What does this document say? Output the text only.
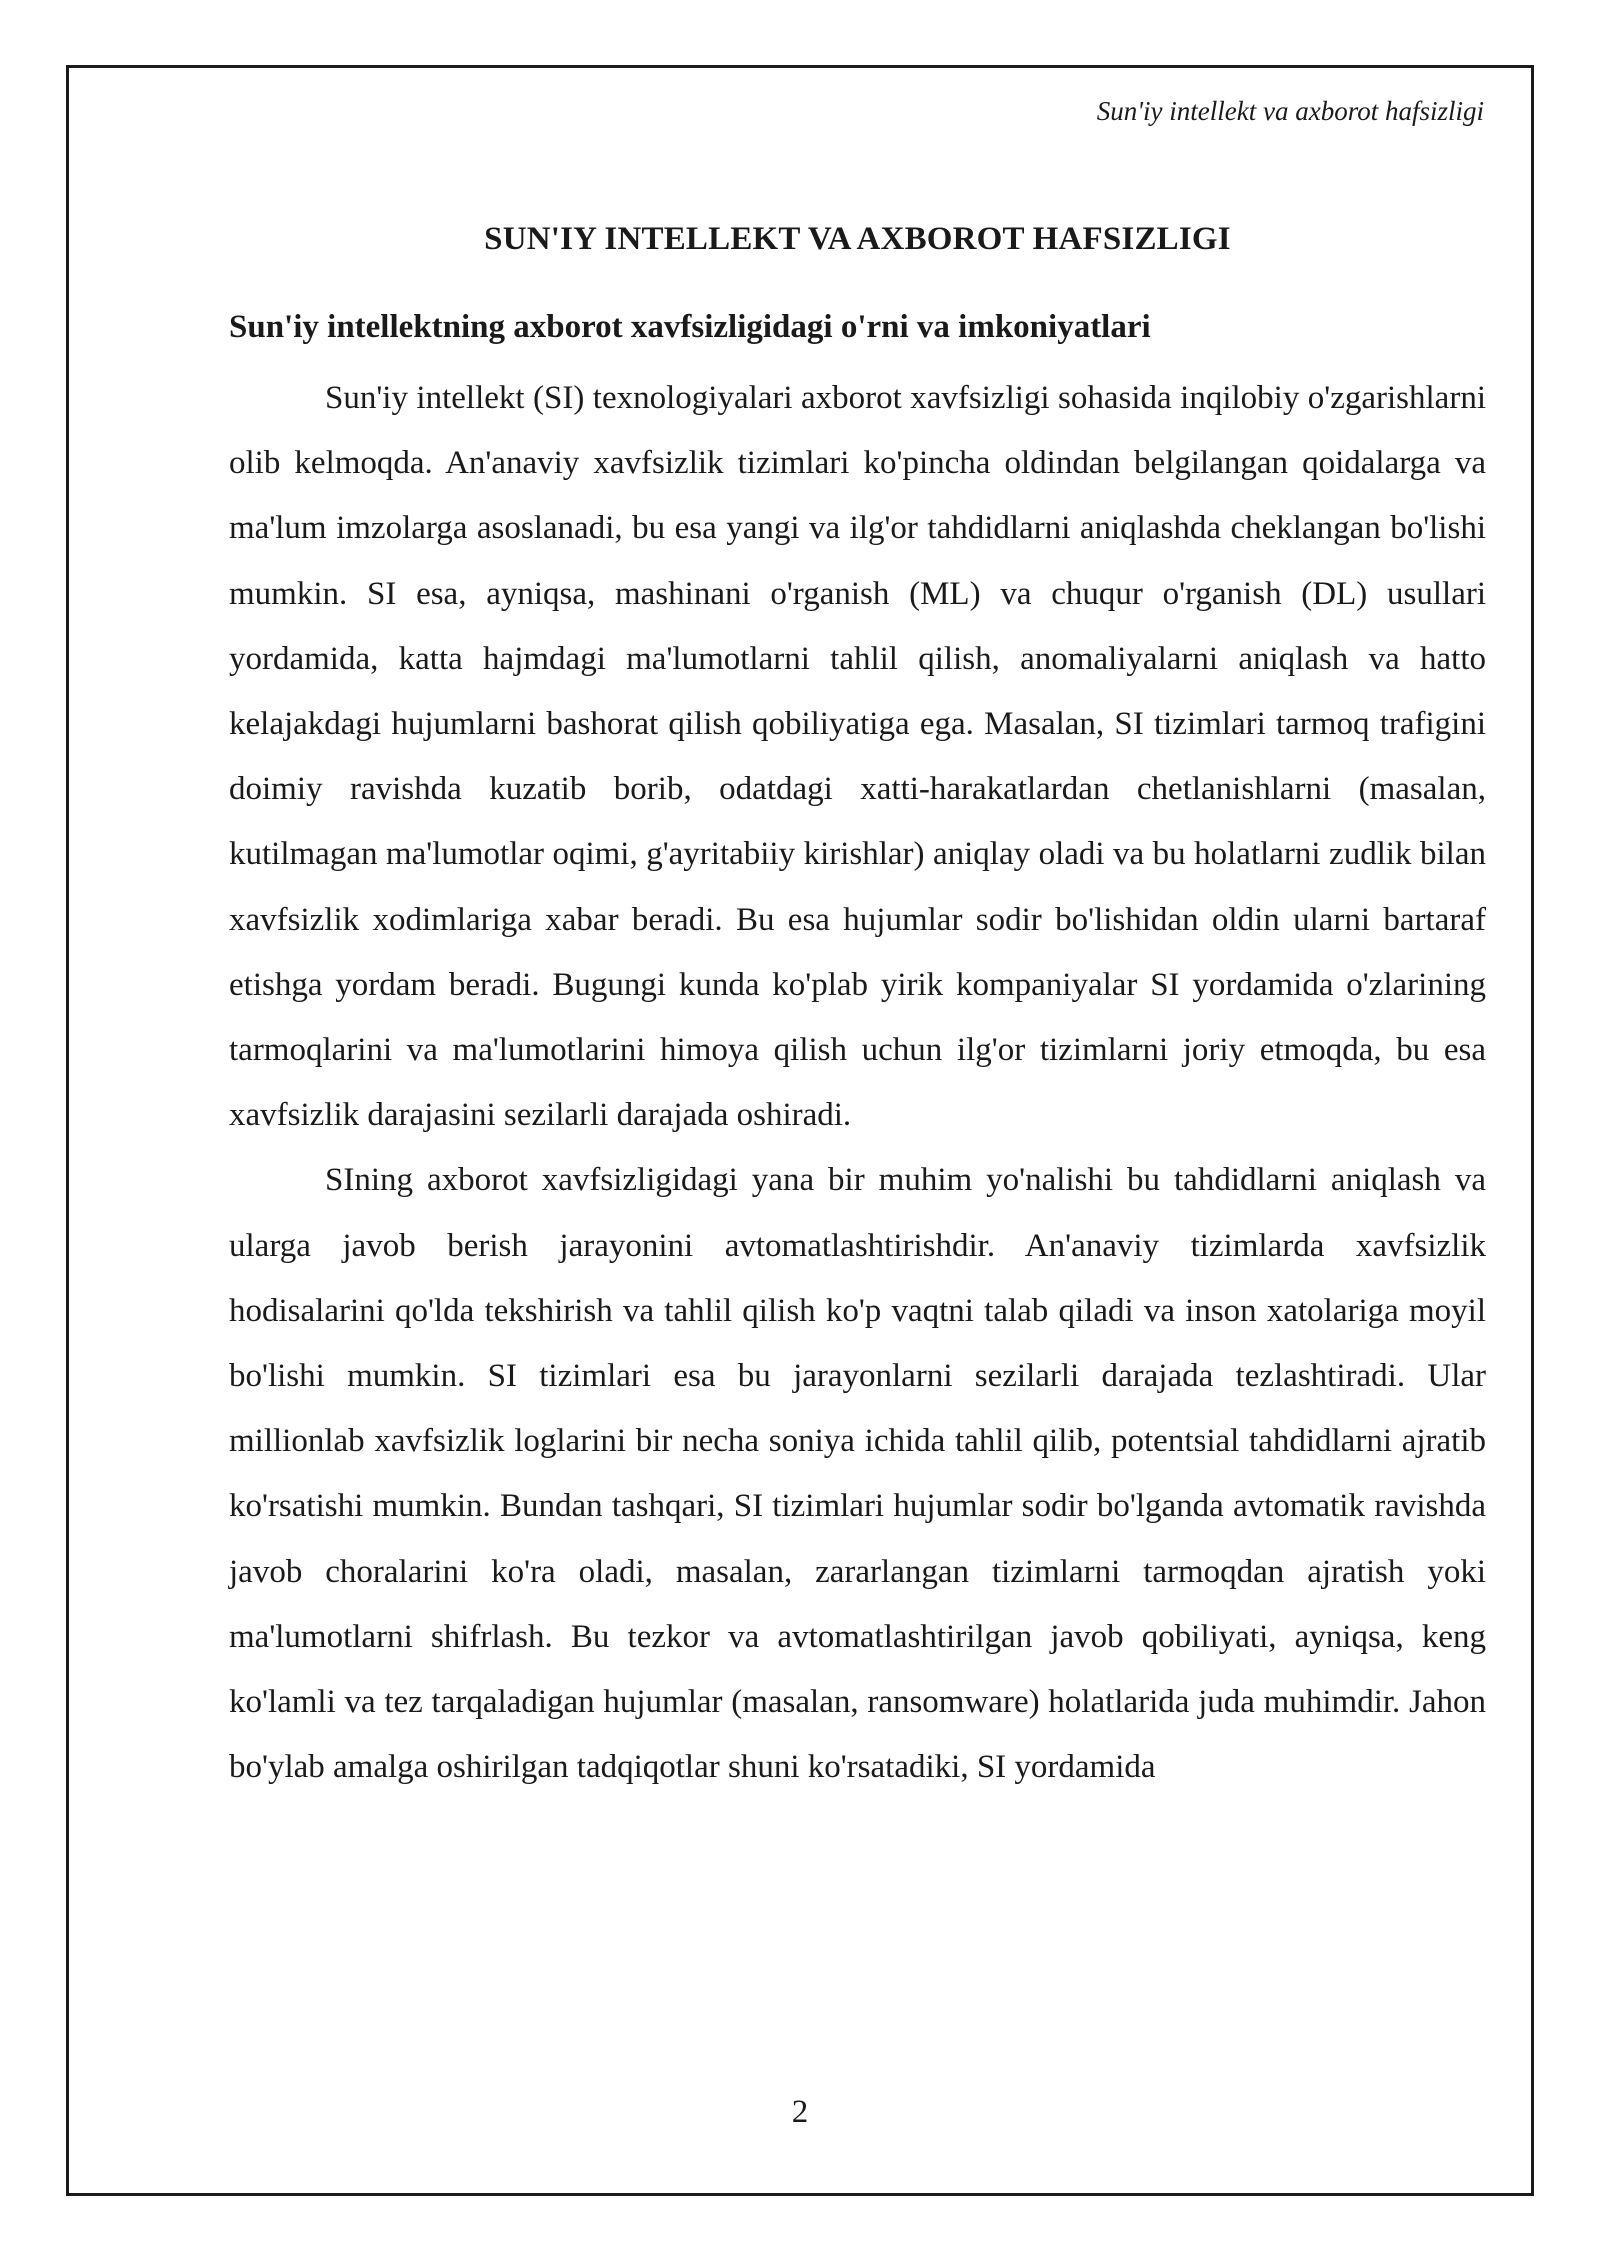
Sun'iy intellekt va axborot hafsizligi
SUN'IY INTELLEKT VA AXBOROT HAFSIZLIGI
Sun'iy intellektning axborot xavfsizligidagi o'rni va imkoniyatlari

Sun'iy intellekt (SI) texnologiyalari axborot xavfsizligi sohasida inqilobiy o'zgarishlarni olib kelmoqda. An'anaviy xavfsizlik tizimlari ko'pincha oldindan belgilangan qoidalarga va ma'lum imzolarga asoslanadi, bu esa yangi va ilg'or tahdidlarni aniqlashda cheklangan bo'lishi mumkin. SI esa, ayniqsa, mashinani o'rganish (ML) va chuqur o'rganish (DL) usullari yordamida, katta hajmdagi ma'lumotlarni tahlil qilish, anomaliyalarni aniqlash va hatto kelajakdagi hujumlarni bashorat qilish qobiliyatiga ega. Masalan, SI tizimlari tarmoq trafigini doimiy ravishda kuzatib borib, odatdagi xatti-harakatlardan chetlanishlarni (masalan, kutilmagan ma'lumotlar oqimi, g'ayritabiiy kirishlar) aniqlay oladi va bu holatlarni zudlik bilan xavfsizlik xodimlariga xabar beradi. Bu esa hujumlar sodir bo'lishidan oldin ularni bartaraf etishga yordam beradi. Bugungi kunda ko'plab yirik kompaniyalar SI yordamida o'zlarining tarmoqlarini va ma'lumotlarini himoya qilish uchun ilg'or tizimlarni joriy etmoqda, bu esa xavfsizlik darajasini sezilarli darajada oshiradi.

SIning axborot xavfsizligidagi yana bir muhim yo'nalishi bu tahdidlarni aniqlash va ularga javob berish jarayonini avtomatlashtirishdir. An'anaviy tizimlarda xavfsizlik hodisalarini qo'lda tekshirish va tahlil qilish ko'p vaqtni talab qiladi va inson xatolariga moyil bo'lishi mumkin. SI tizimlari esa bu jarayonlarni sezilarli darajada tezlashtiradi. Ular millionlab xavfsizlik loglarini bir necha soniya ichida tahlil qilib, potentsial tahdidlarni ajratib ko'rsatishi mumkin. Bundan tashqari, SI tizimlari hujumlar sodir bo'lganda avtomatik ravishda javob choralarini ko'ra oladi, masalan, zararlangan tizimlarni tarmoqdan ajratish yoki ma'lumotlarni shifrlash. Bu tezkor va avtomatlashtirilgan javob qobiliyati, ayniqsa, keng ko'lamli va tez tarqaladigan hujumlar (masalan, ransomware) holatlarida juda muhimdir. Jahon bo'ylab amalga oshirilgan tadqiqotlar shuni ko'rsatadiki, SI yordamida

2
